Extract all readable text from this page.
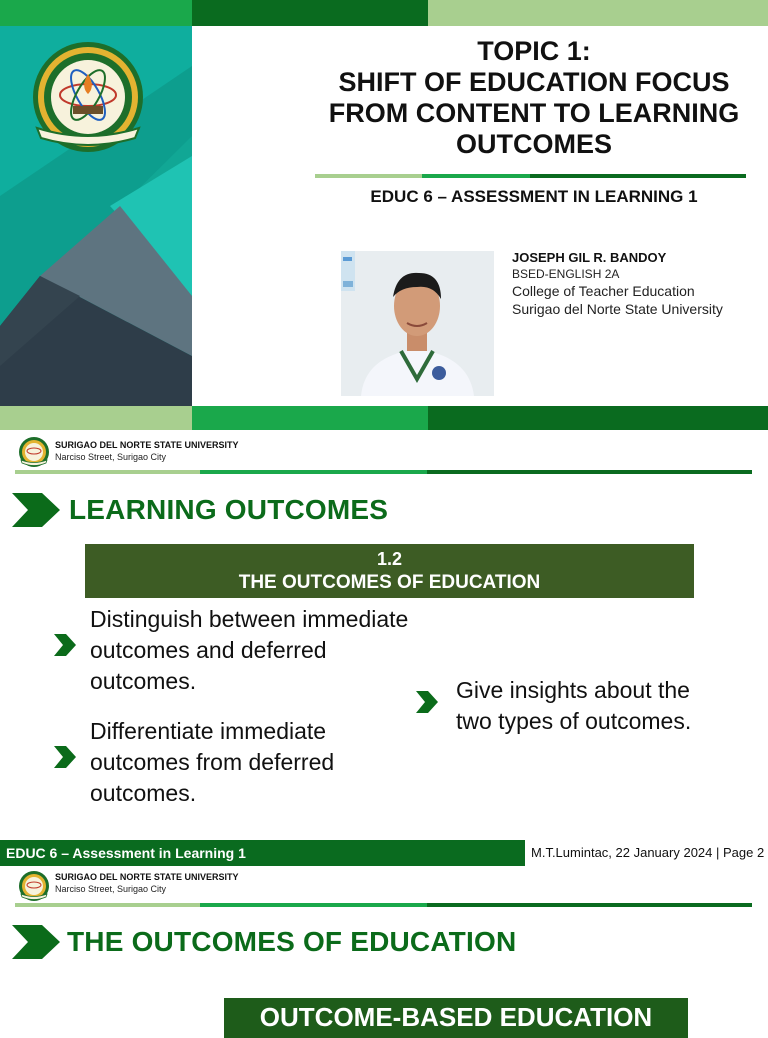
TOPIC 1:
SHIFT OF EDUCATION FOCUS
FROM CONTENT TO LEARNING
OUTCOMES
EDUC 6 – ASSESSMENT IN LEARNING 1
JOSEPH GIL R. BANDOY
BSED-ENGLISH 2A
College of Teacher Education
Surigao del Norte State University
SURIGAO DEL NORTE STATE UNIVERSITY
Narciso Street, Surigao City
LEARNING OUTCOMES
1.2
THE OUTCOMES OF EDUCATION
Distinguish between immediate
outcomes and deferred
outcomes.
Differentiate immediate
outcomes from deferred
outcomes.
Give insights about the
two types of outcomes.
EDUC 6 – Assessment in Learning 1	M.T.Lumintac, 22 January 2024 | Page 2
SURIGAO DEL NORTE STATE UNIVERSITY
Narciso Street, Surigao City
THE OUTCOMES OF EDUCATION
OUTCOME-BASED EDUCATION
